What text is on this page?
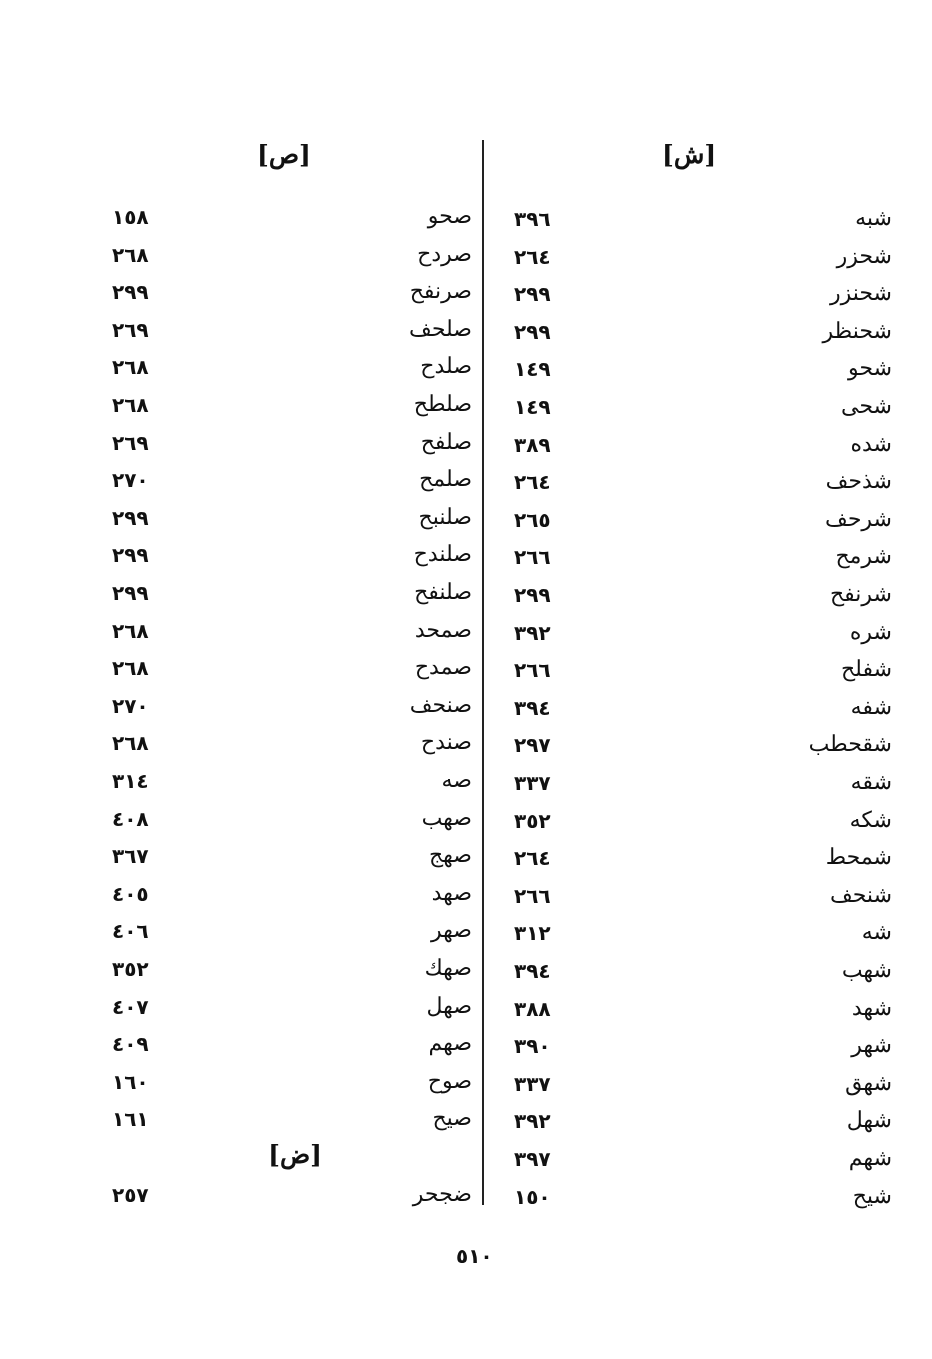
[ش]
شبه
٣٩٦
شحزر
٢٦٤
شحنزر
٢٩٩
شحنظر
٢٩٩
شحو
١٤٩
شحى
١٤٩
شده
٣٨٩
شذحف
٢٦٤
شرحف
٢٦٥
شرمح
٢٦٦
شرنفح
٢٩٩
شره
٣٩٢
شفلح
٢٦٦
شفه
٣٩٤
شقحطب
٢٩٧
شقه
٣٣٧
شكه
٣٥٢
شمحط
٢٦٤
شنحف
٢٦٦
شه
٣١٢
شهب
٣٩٤
شهد
٣٨٨
شهر
٣٩٠
شهق
٣٣٧
شهل
٣٩٢
شهم
٣٩٧
شيح
١٥٠
[ص]
صحو
١٥٨
صردح
٢٦٨
صرنفح
٢٩٩
صلحف
٢٦٩
صلدح
٢٦٨
صلطح
٢٦٨
صلفح
٢٦٩
صلمح
٢٧٠
صلنبح
٢٩٩
صلندح
٢٩٩
صلنفح
٢٩٩
صمحد
٢٦٨
صمدح
٢٦٨
صنحف
٢٧٠
صندح
٢٦٨
صه
٣١٤
صهب
٤٠٨
صهج
٣٦٧
صهد
٤٠٥
صهر
٤٠٦
صهك
٣٥٢
صهل
٤٠٧
صهم
٤٠٩
صوح
١٦٠
صيح
١٦١
[ض]
ضجحر
٢٥٧
٥١٠
